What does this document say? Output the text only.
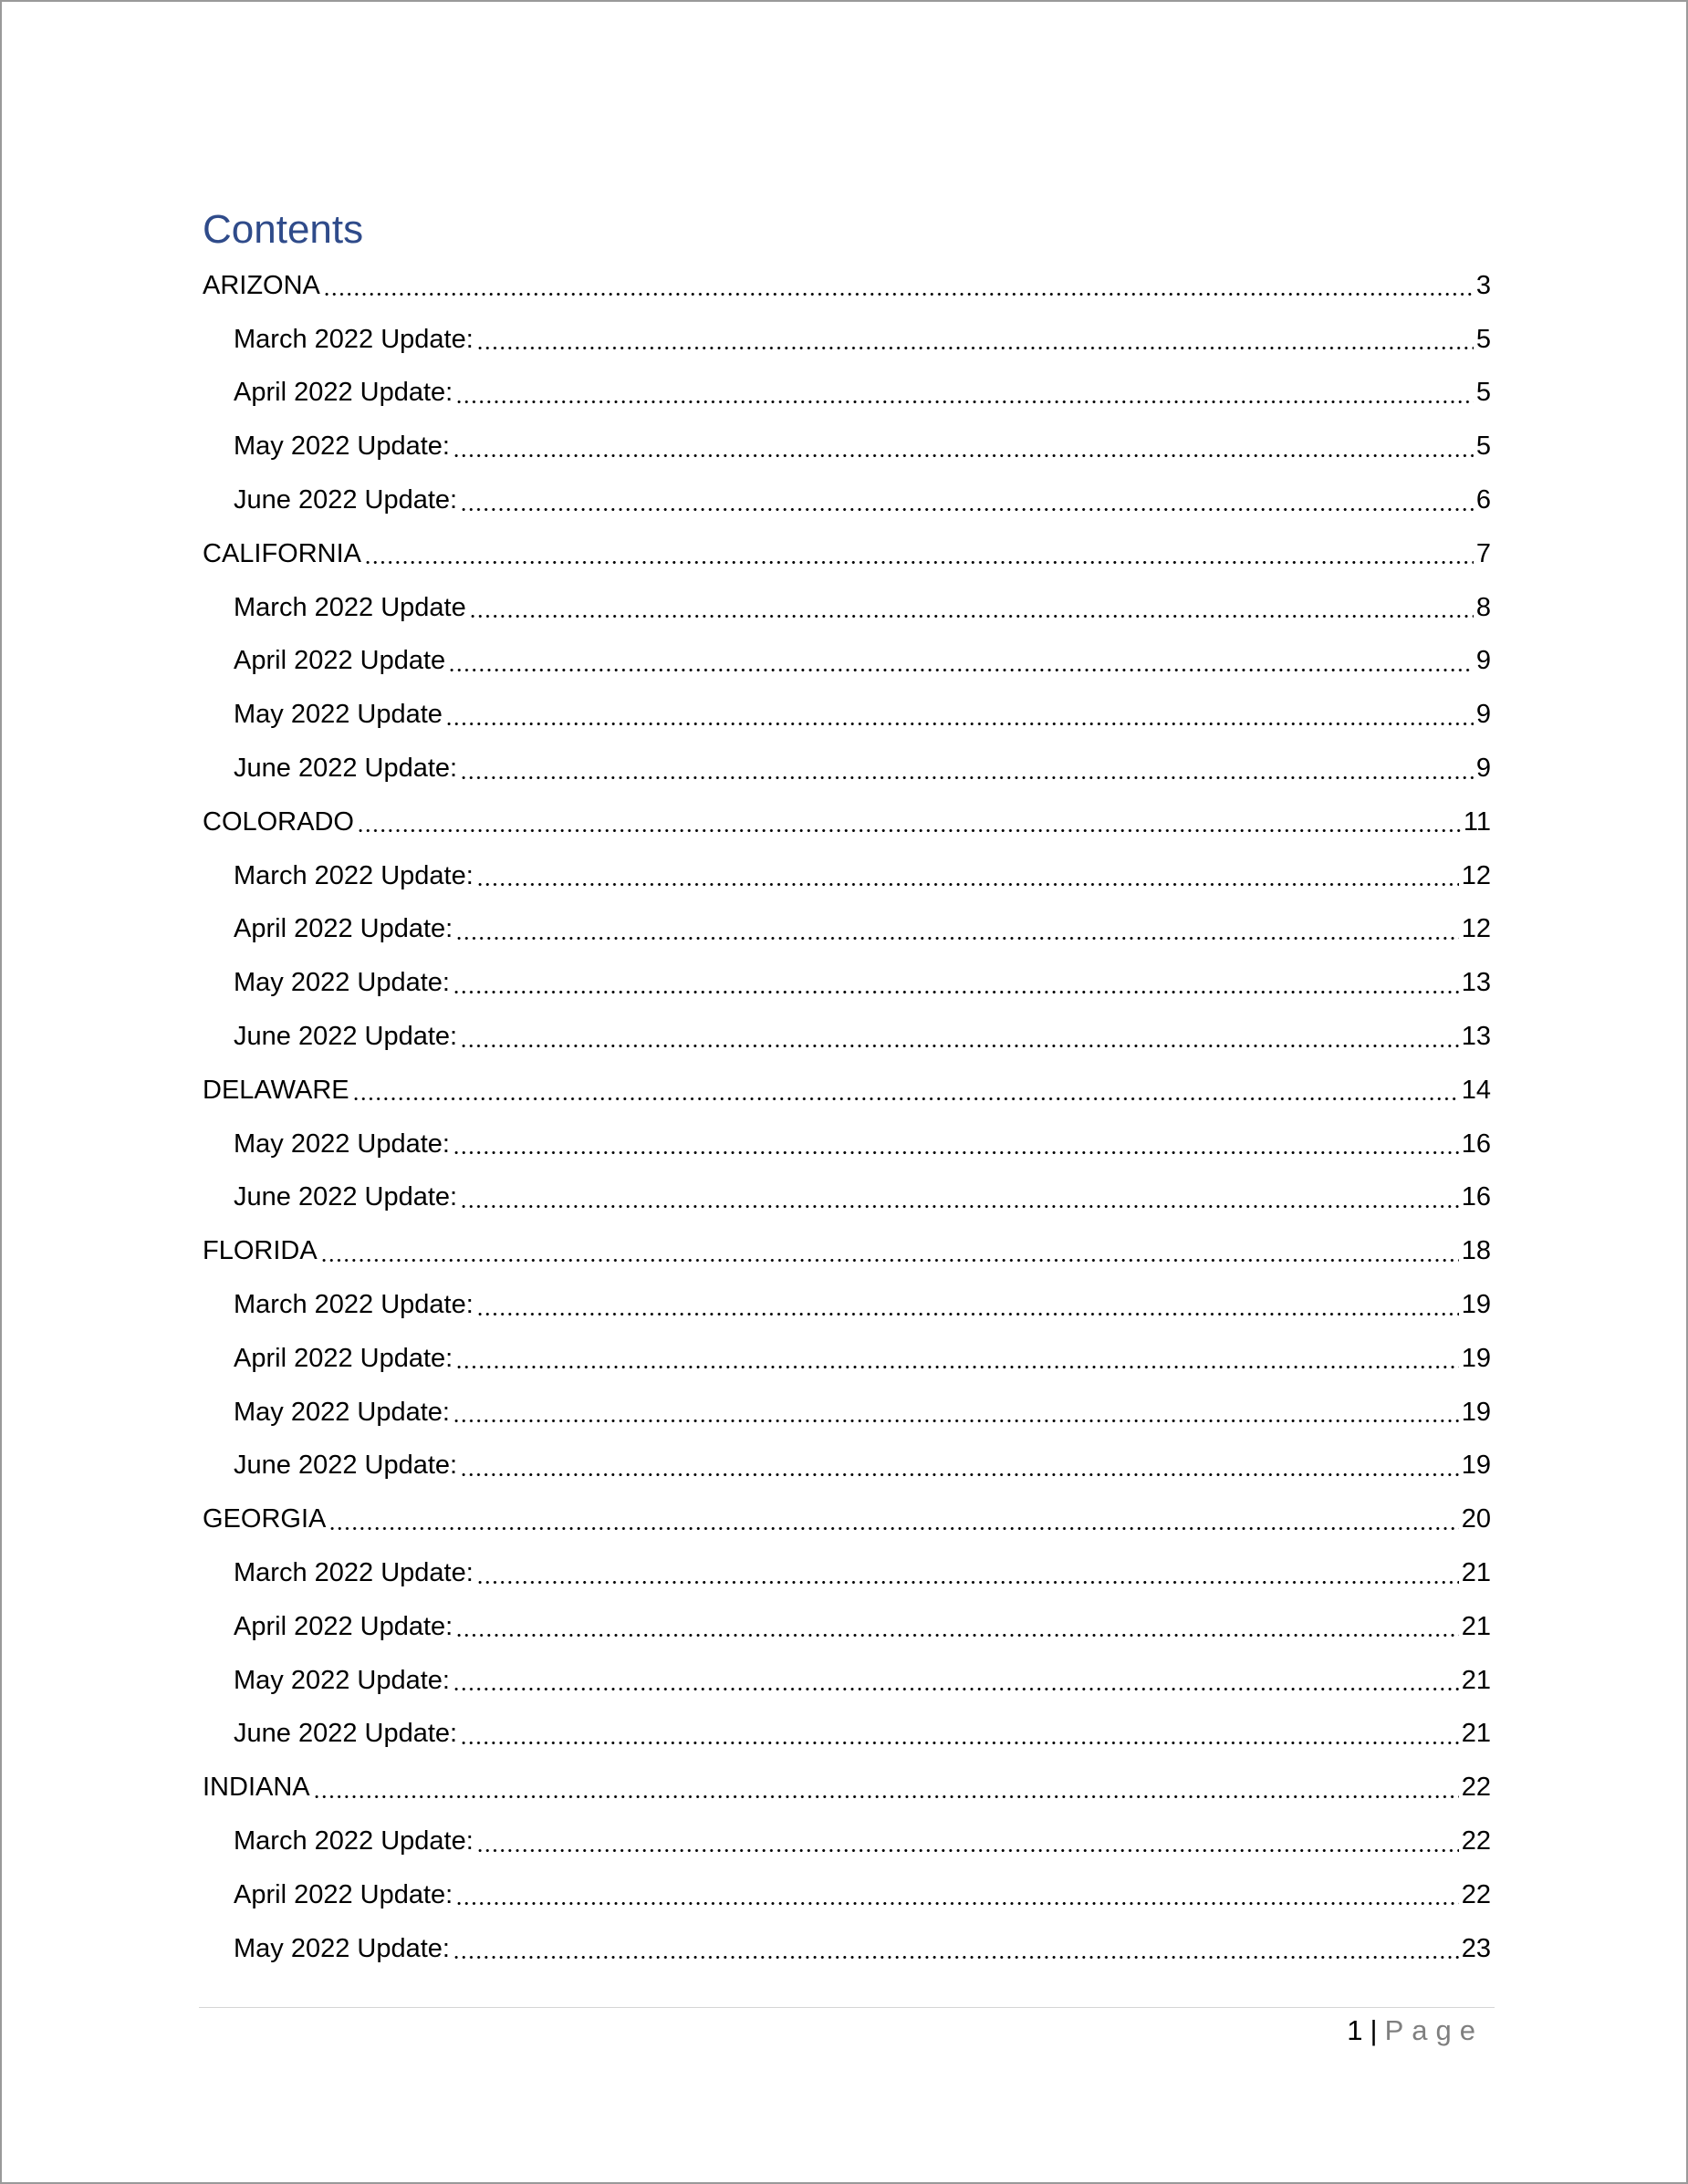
Contents
ARIZONA	3
March 2022 Update:	5
April 2022 Update:	5
May 2022 Update:	5
June 2022 Update:	6
CALIFORNIA	7
March 2022 Update	8
April 2022 Update	9
May 2022 Update	9
June 2022 Update:	9
COLORADO	11
March 2022 Update:	12
April 2022 Update:	12
May 2022 Update:	13
June 2022 Update:	13
DELAWARE	14
May 2022 Update:	16
June 2022 Update:	16
FLORIDA	18
March 2022 Update:	19
April 2022 Update:	19
May 2022 Update:	19
June 2022 Update:	19
GEORGIA	20
March 2022 Update:	21
April 2022 Update:	21
May 2022 Update:	21
June 2022 Update:	21
INDIANA	22
March 2022 Update:	22
April 2022 Update:	22
May 2022 Update:	23
1 | Page
